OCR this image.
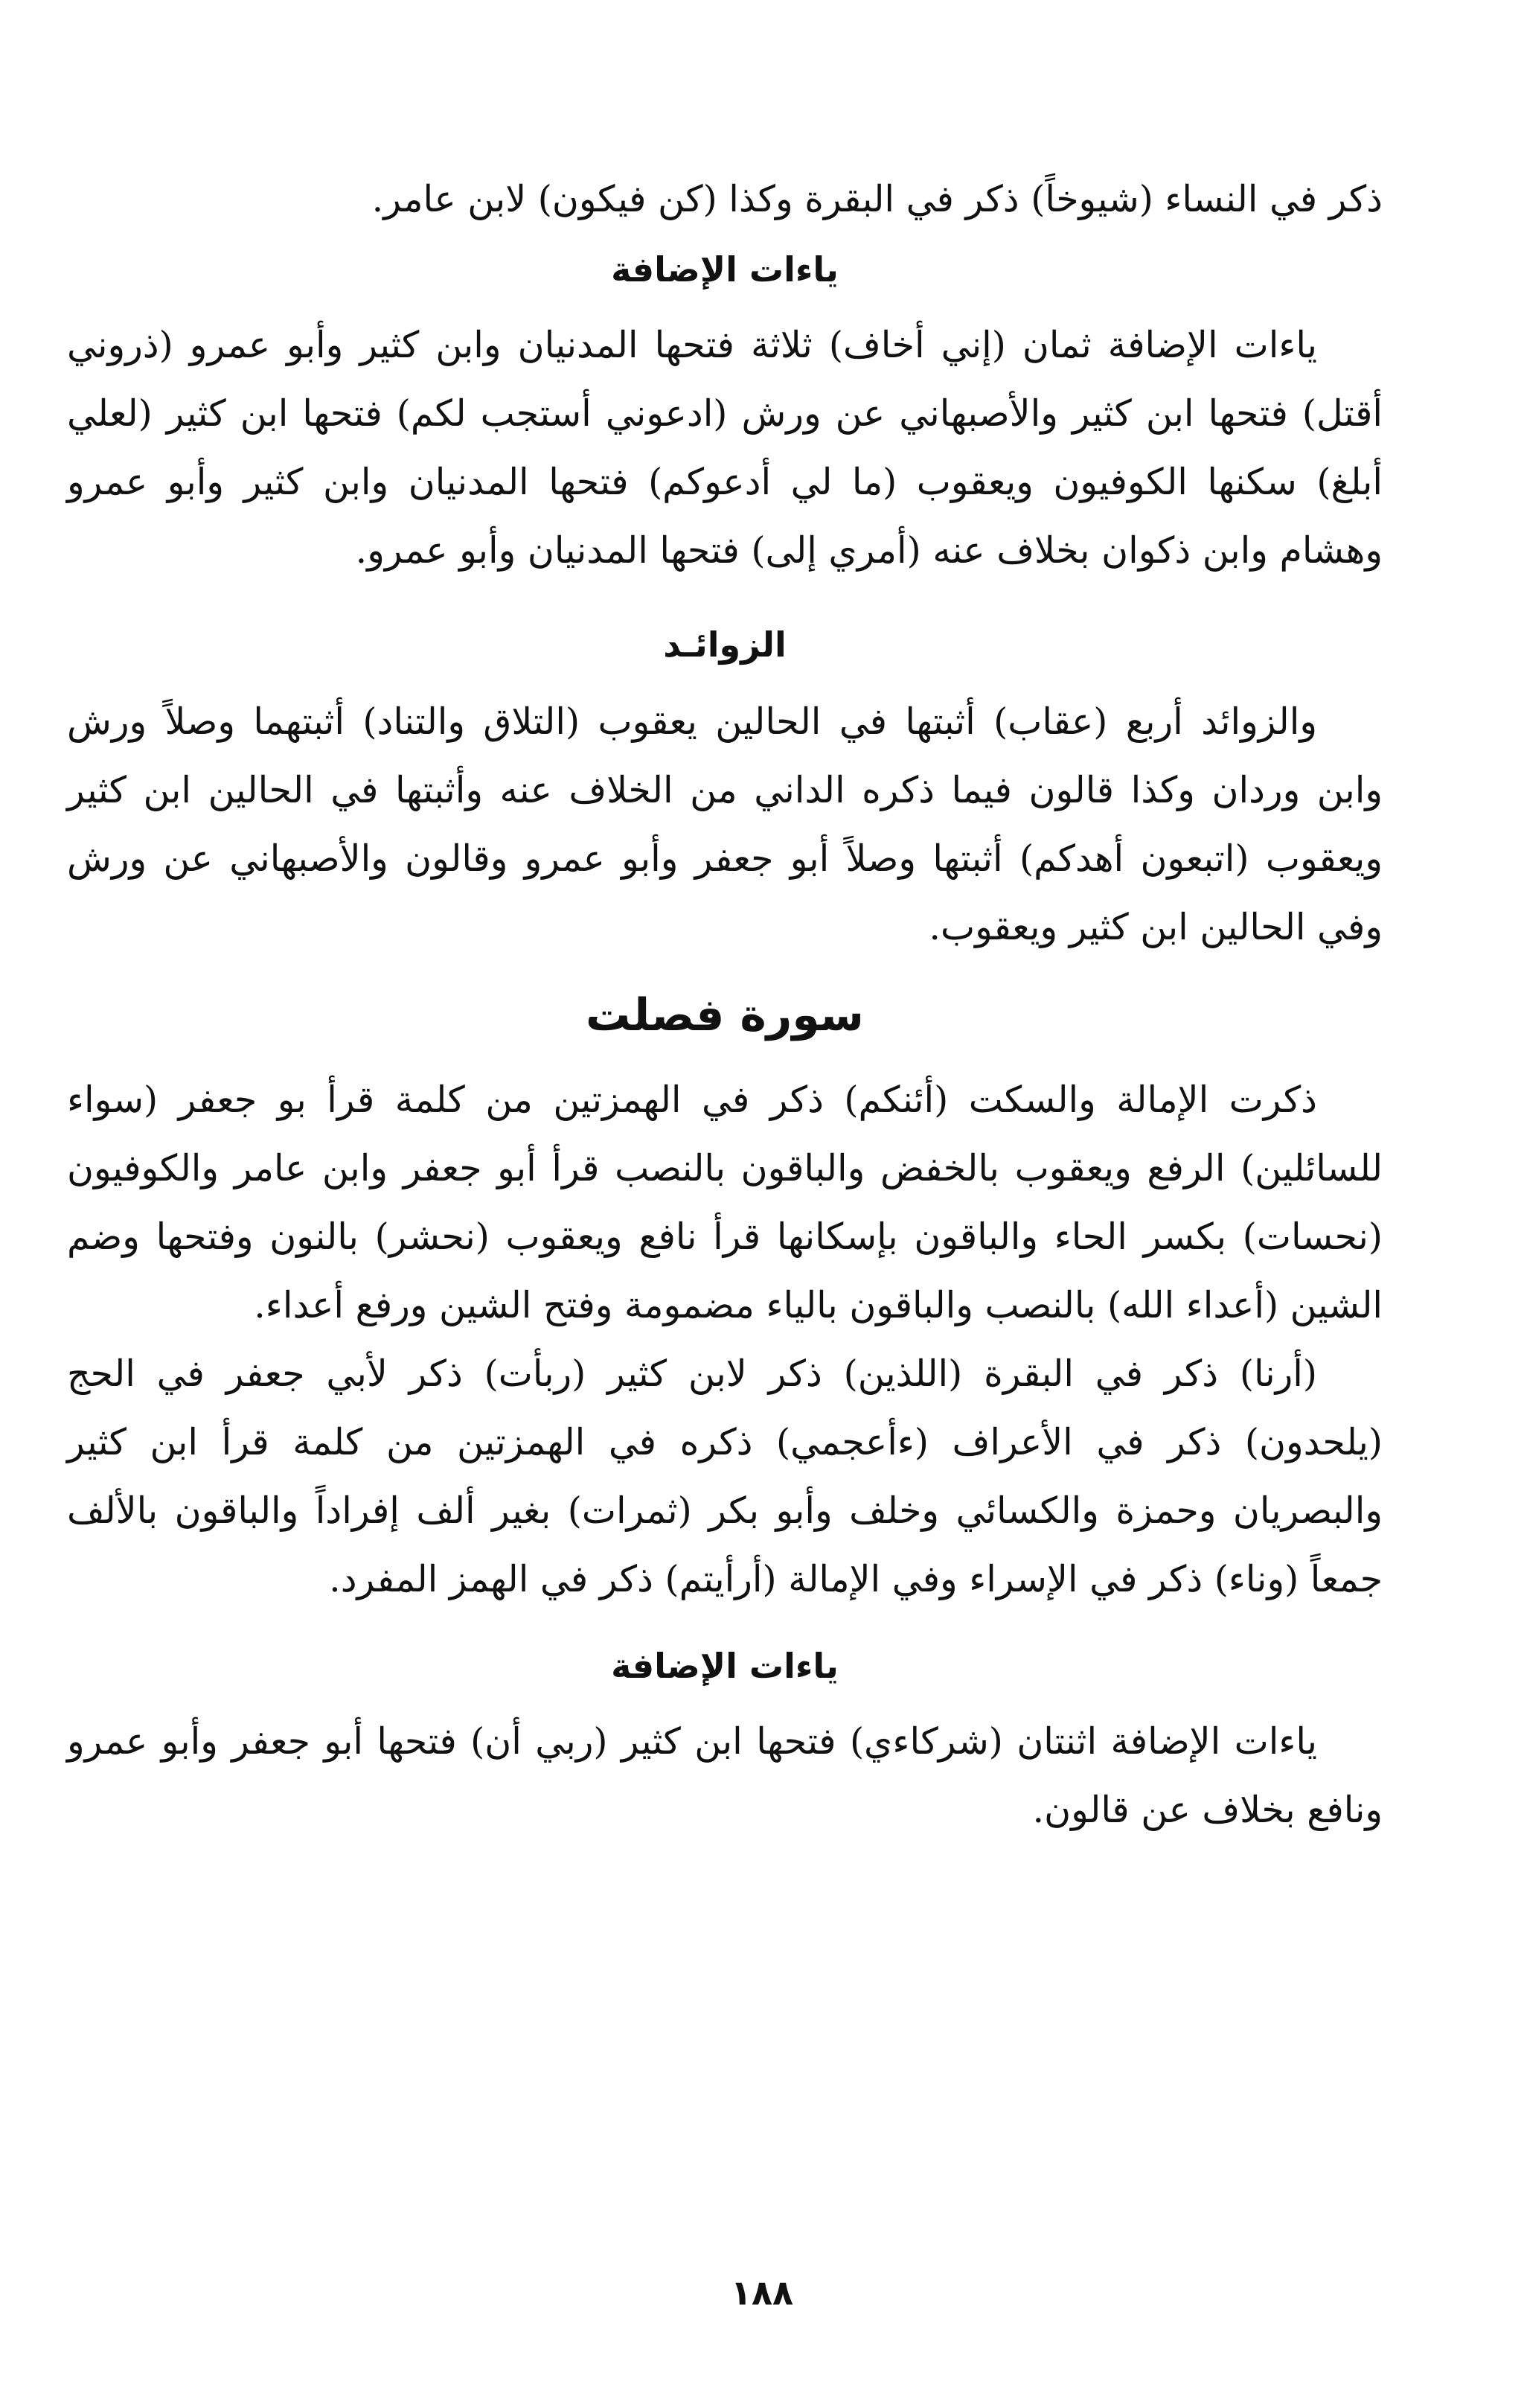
ذكر في النساء (شيوخاً) ذكر في البقرة وكذا (كن فيكون) لابن عامر.

ياءات الإضافة

ياءات الإضافة ثمان (إني أخاف) ثلاثة فتحها المدنيان وابن كثير وأبو عمرو (ذروني أقتل) فتحها ابن كثير والأصبهاني عن ورش (ادعوني أستجب لكم) فتحها ابن كثير (لعلي أبلغ) سكنها الكوفيون ويعقوب (ما لي أدعوكم) فتحها المدنيان وابن كثير وأبو عمرو وهشام وابن ذكوان بخلاف عنه (أمري إلى) فتحها المدنيان وأبو عمرو.

الزوائـد

والزوائد أربع (عقاب) أثبتها في الحالين يعقوب (التلاق والتناد) أثبتهما وصلاً ورش وابن وردان وكذا قالون فيما ذكره الداني من الخلاف عنه وأثبتها في الحالين ابن كثير ويعقوب (اتبعون أهدكم) أثبتها وصلاً أبو جعفر وأبو عمرو وقالون والأصبهاني عن ورش وفي الحالين ابن كثير ويعقوب.

سورة فصلت

ذكرت الإمالة والسكت (أئنكم) ذكر في الهمزتين من كلمة قرأ بو جعفر (سواء للسائلين) الرفع ويعقوب بالخفض والباقون بالنصب قرأ أبو جعفر وابن عامر والكوفيون (نحسات) بكسر الحاء والباقون بإسكانها قرأ نافع ويعقوب (نحشر) بالنون وفتحها وضم الشين (أعداء الله) بالنصب والباقون بالياء مضمومة وفتح الشين ورفع أعداء.

(أرنا) ذكر في البقرة (اللذين) ذكر لابن كثير (ربأت) ذكر لأبي جعفر في الحج (يلحدون) ذكر في الأعراف (ءأعجمي) ذكره في الهمزتين من كلمة قرأ ابن كثير والبصريان وحمزة والكسائي وخلف وأبو بكر (ثمرات) بغير ألف إفراداً والباقون بالألف جمعاً (وناء) ذكر في الإسراء وفي الإمالة (أرأيتم) ذكر في الهمز المفرد.

ياءات الإضافة

ياءات الإضافة اثنتان (شركاءي) فتحها ابن كثير (ربي أن) فتحها أبو جعفر وأبو عمرو ونافع بخلاف عن قالون.

١٨٨
